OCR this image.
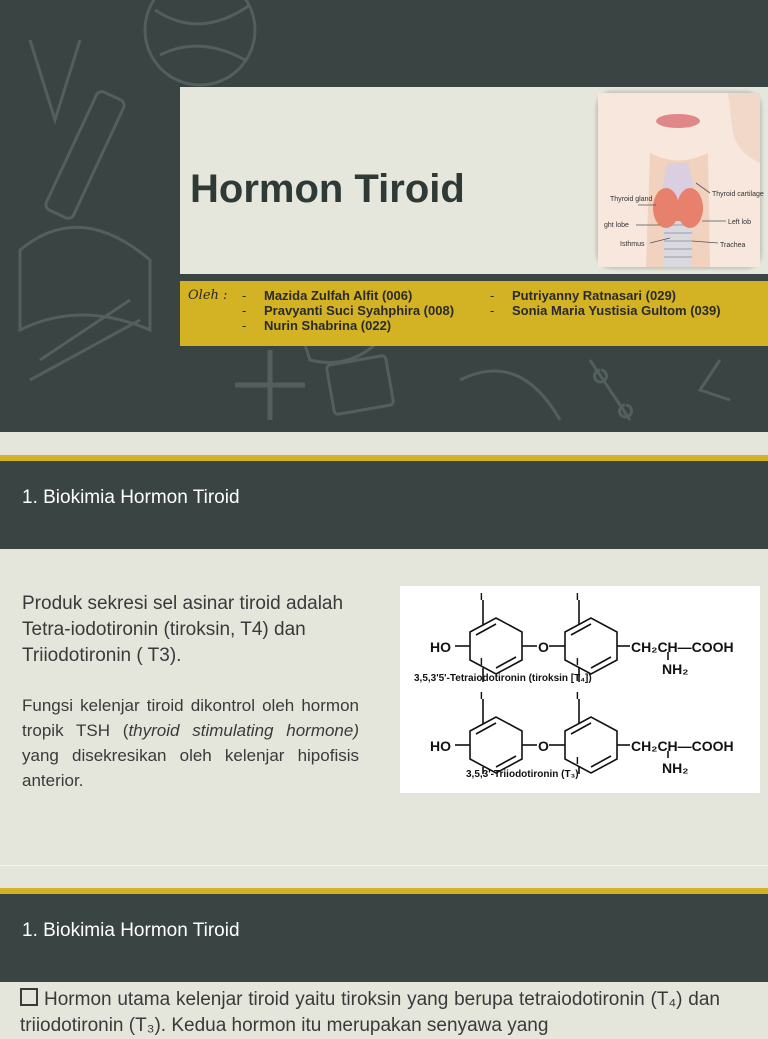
Hormon Tiroid	Thyroid gland
ght lobe
Isthmus
Thyroid cartilage
Left lob
Trachea
Oleh :
-	Mazida Zulfah Alfit (006)
- Pravyanti Suci Syahphira (008)
- Nurin Shabrina (022)
- Putriyanny Ratnasari (029)
- Sonia Maria Yustisia Gultom (039)
1. Biokimia Hormon Tiroid
Produk sekresi sel asinar tiroid adalah Tetra-iodotironin (tiroksin, T4) dan Triiodotironin ( T3).
Fungsi kelenjar tiroid dikontrol oleh hormon tropik TSH (thyroid stimulating hormone) yang disekresikan oleh kelenjar hipofisis anterior.
I	I
I	I
HO	O	CH₂CH—COOH
NH₂
3,5,3'5'-Tetraiodotironin (tiroksin [T₄])
I	I
I
HO	O	CH₂CH—COOH
NH₂
3,5,3'-Triiodotironin (T₃)
1. Biokimia Hormon Tiroid
Hormon utama kelenjar tiroid yaitu tiroksin yang berupa tetraiodotironin (T₄) dan triiodotironin (T₃). Kedua hormon itu merupakan senyawa yang
